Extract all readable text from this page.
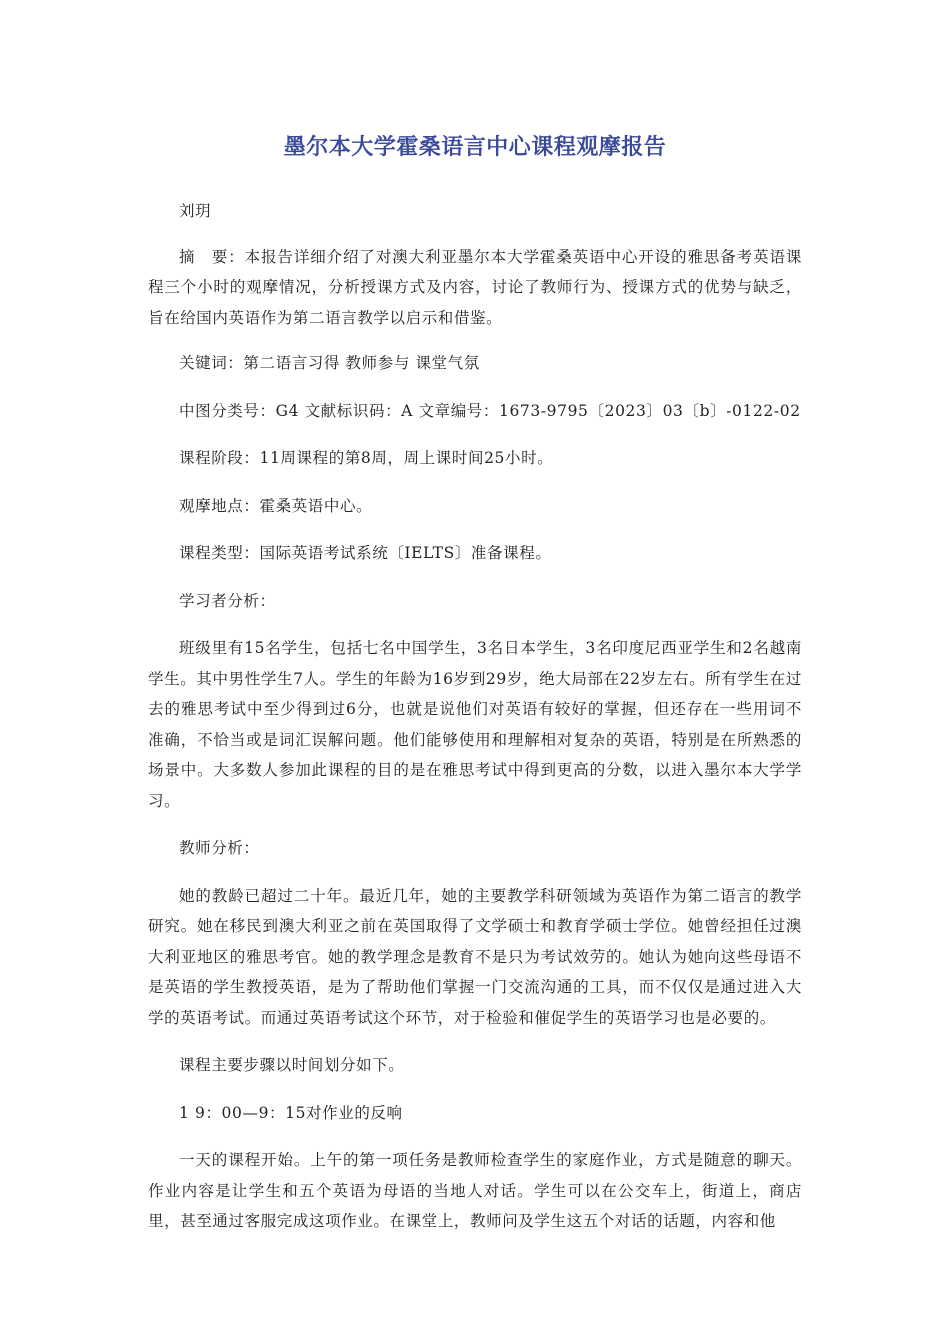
墨尔本大学霍桑语言中心课程观摩报告

刘玥

摘　要：本报告详细介绍了对澳大利亚墨尔本大学霍桑英语中心开设的雅思备考英语课程三个小时的观摩情况，分析授课方式及内容，讨论了教师行为、授课方式的优势与缺乏，旨在给国内英语作为第二语言教学以启示和借鉴。

关键词：第二语言习得 教师参与 课堂气氛

中图分类号：G4 文献标识码：A 文章编号：1673-9795〔2023〕03〔b〕-0122-02

课程阶段：11周课程的第8周，周上课时间25小时。

观摩地点：霍桑英语中心。

课程类型：国际英语考试系统〔IELTS〕准备课程。

学习者分析：

班级里有15名学生，包括七名中国学生，3名日本学生，3名印度尼西亚学生和2名越南学生。其中男性学生7人。学生的年龄为16岁到29岁，绝大局部在22岁左右。所有学生在过去的雅思考试中至少得到过6分，也就是说他们对英语有较好的掌握，但还存在一些用词不准确，不恰当或是词汇误解问题。他们能够使用和理解相对复杂的英语，特别是在所熟悉的场景中。大多数人参加此课程的目的是在雅思考试中得到更高的分数，以进入墨尔本大学学习。

教师分析：

她的教龄已超过二十年。最近几年，她的主要教学科研领域为英语作为第二语言的教学研究。她在移民到澳大利亚之前在英国取得了文学硕士和教育学硕士学位。她曾经担任过澳大利亚地区的雅思考官。她的教学理念是教育不是只为考试效劳的。她认为她向这些母语不是英语的学生教授英语，是为了帮助他们掌握一门交流沟通的工具，而不仅仅是通过进入大学的英语考试。而通过英语考试这个环节，对于检验和催促学生的英语学习也是必要的。

课程主要步骤以时间划分如下。

1 9：00—9：15对作业的反响

一天的课程开始。上午的第一项任务是教师检查学生的家庭作业，方式是随意的聊天。作业内容是让学生和五个英语为母语的当地人对话。学生可以在公交车上，街道上，商店里，甚至通过客服完成这项作业。在课堂上，教师问及学生这五个对话的话题，内容和他
